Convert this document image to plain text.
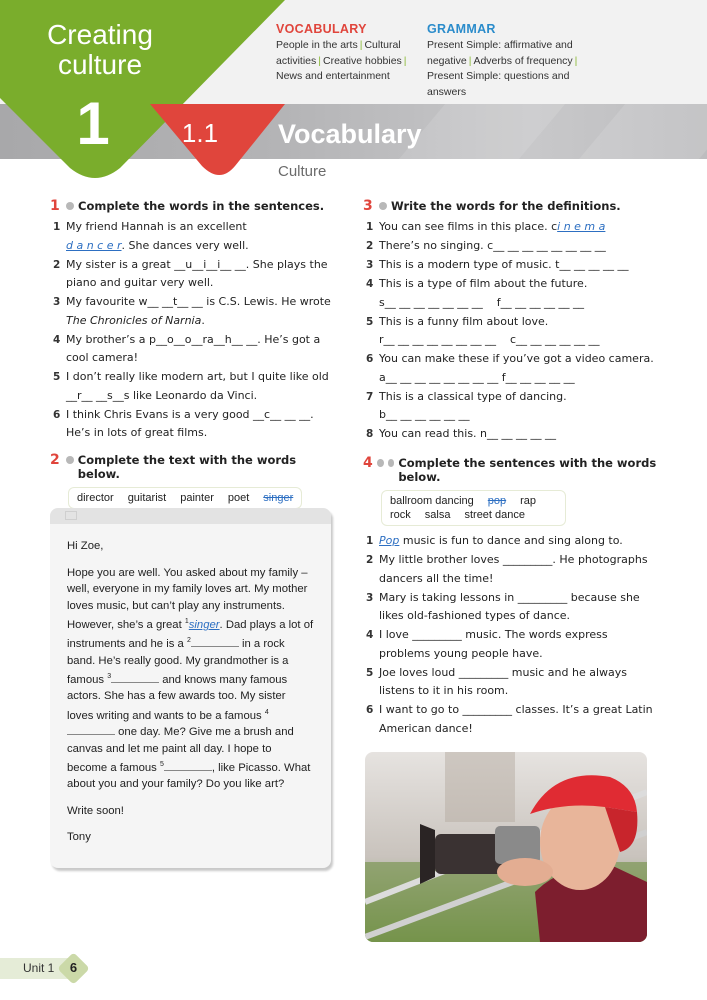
Creating
culture
1	1.1	Vocabulary
Culture
VOCABULARY
People in the arts | Cultural activities | Creative hobbies | News and entertainment
GRAMMAR
Present Simple: affirmative and negative | Adverbs of frequency | Present Simple: questions and answers
1	Complete the words in the sentences.
1 My friend Hannah is an excellent
d a n c e r. She dances very well.
2 My sister is a great __u__i__i__ __. She plays the piano and guitar very well.
3 My favourite w__ __t__ __ is C.S. Lewis. He wrote The Chronicles of Narnia.
4 My brother’s a p__o__o__ra__h__ __. He’s got a cool camera!
5 I don’t really like modern art, but I quite like old __r__ __s__s like Leonardo da Vinci.
6 I think Chris Evans is a very good __c__ __ __. He’s in lots of great films.
2	Complete the text with the words below.
director guitarist painter poet singer

Hi Zoe,

Hope you are well. You asked about my family – well, everyone in my family loves art. My mother loves music, but can’t play any instruments. However, she’s a great $^1$singer. Dad plays a lot of instruments and he is a $^2$	in a rock band. He’s really good. My grandmother is a famous $^3$	and knows many famous actors. She has a few awards too. My sister loves writing and wants to be a famous $^4$ one day. Me? Give me a brush and canvas and let me paint all day. I hope to become a famous $^5$	, like Picasso. What about you and your family? Do you like art?

Write soon!

Tony

3	Write the words for the definitions.
1 You can see films in this place. ci n e m a
2 There’s no singing. c__ __ __ __ __ __ __ __
3 This is a modern type of music. t__ __ __ __ __
4 This is a type of film about the future.
s__ __ __ __ __ __ __    f__ __ __ __ __ __
5 This is a funny film about love.
r__ __ __ __ __ __ __ __    c__ __ __ __ __ __
6 You can make these if you’ve got a video camera. a__ __ __ __ __ __ __ __ f__ __ __ __ __
7 This is a classical type of dancing.
b__ __ __ __ __ __
8 You can read this. n__ __ __ __ __
4	Complete the sentences with the words below.
ballroom dancing pop rap
rock salsa street dance
1 Pop music is fun to dance and sing along to.
2 My little brother loves _________. He photographs dancers all the time!
3 Mary is taking lessons in _________ because she likes old-fashioned types of dance.
4 I love _________ music. The words express problems young people have.
5 Joe loves loud _________ music and he always listens to it in his room.
6 I want to go to _________ classes. It’s a great Latin American dance!
Unit 1	6
